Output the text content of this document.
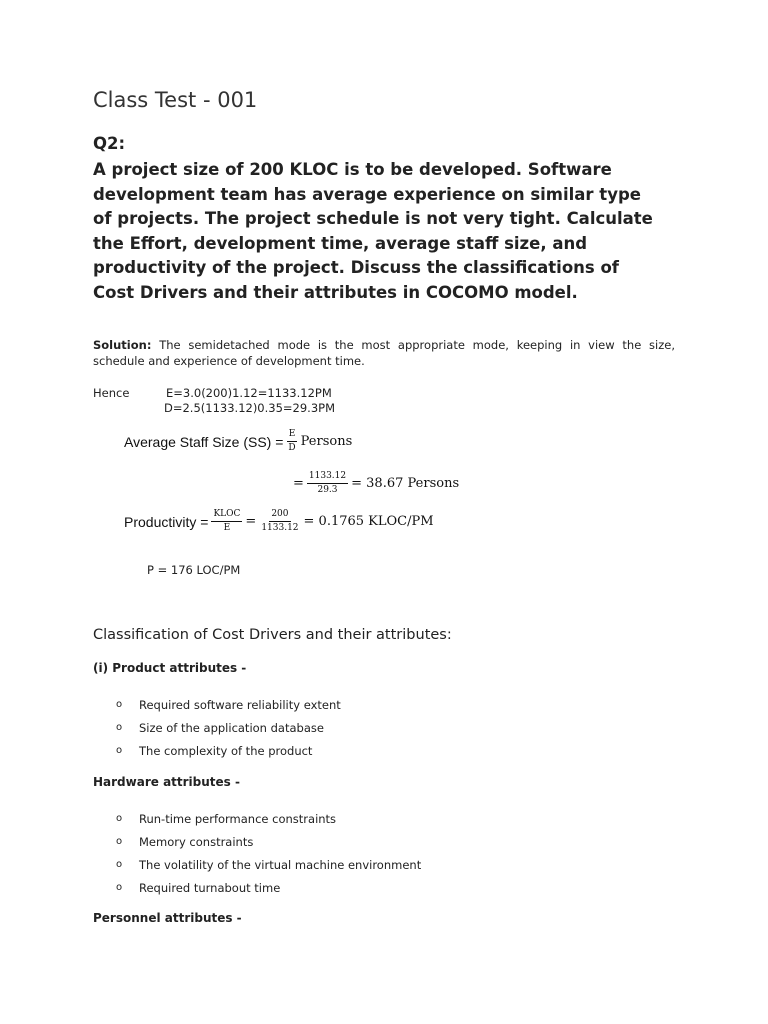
Class Test - 001
Q2:

A project size of 200 KLOC is to be developed. Software development team has average experience on similar type of projects. The project schedule is not very tight. Calculate the Effort, development time, average staff size, and productivity of the project. Discuss the classifications of Cost Drivers and their attributes in COCOMO model.

Solution: The semidetached mode is the most appropriate mode, keeping in view the size, schedule and experience of development time.

Hence	E=3.0(200)1.12=1133.12PM
D=2.5(1133.12)0.35=29.3PM
Average Staff Size $(SS) = \frac{E}{D}$ Persons
= $\frac{1133.12}{29.3} = 38.67$ Persons
Productivity = $\frac{\text{KLOC}}{E} = \frac{200}{1133.12} = 0.1765$ KLOC/PM
P = 176 LOC/PM
Classification of Cost Drivers and their attributes:
(i) Product attributes -
o	Required software reliability extent
o	Size of the application database
o	The complexity of the product
Hardware attributes -
o	Run-time performance constraints
o	Memory constraints
o	The volatility of the virtual machine environment
o	Required turnabout time
Personnel attributes -
